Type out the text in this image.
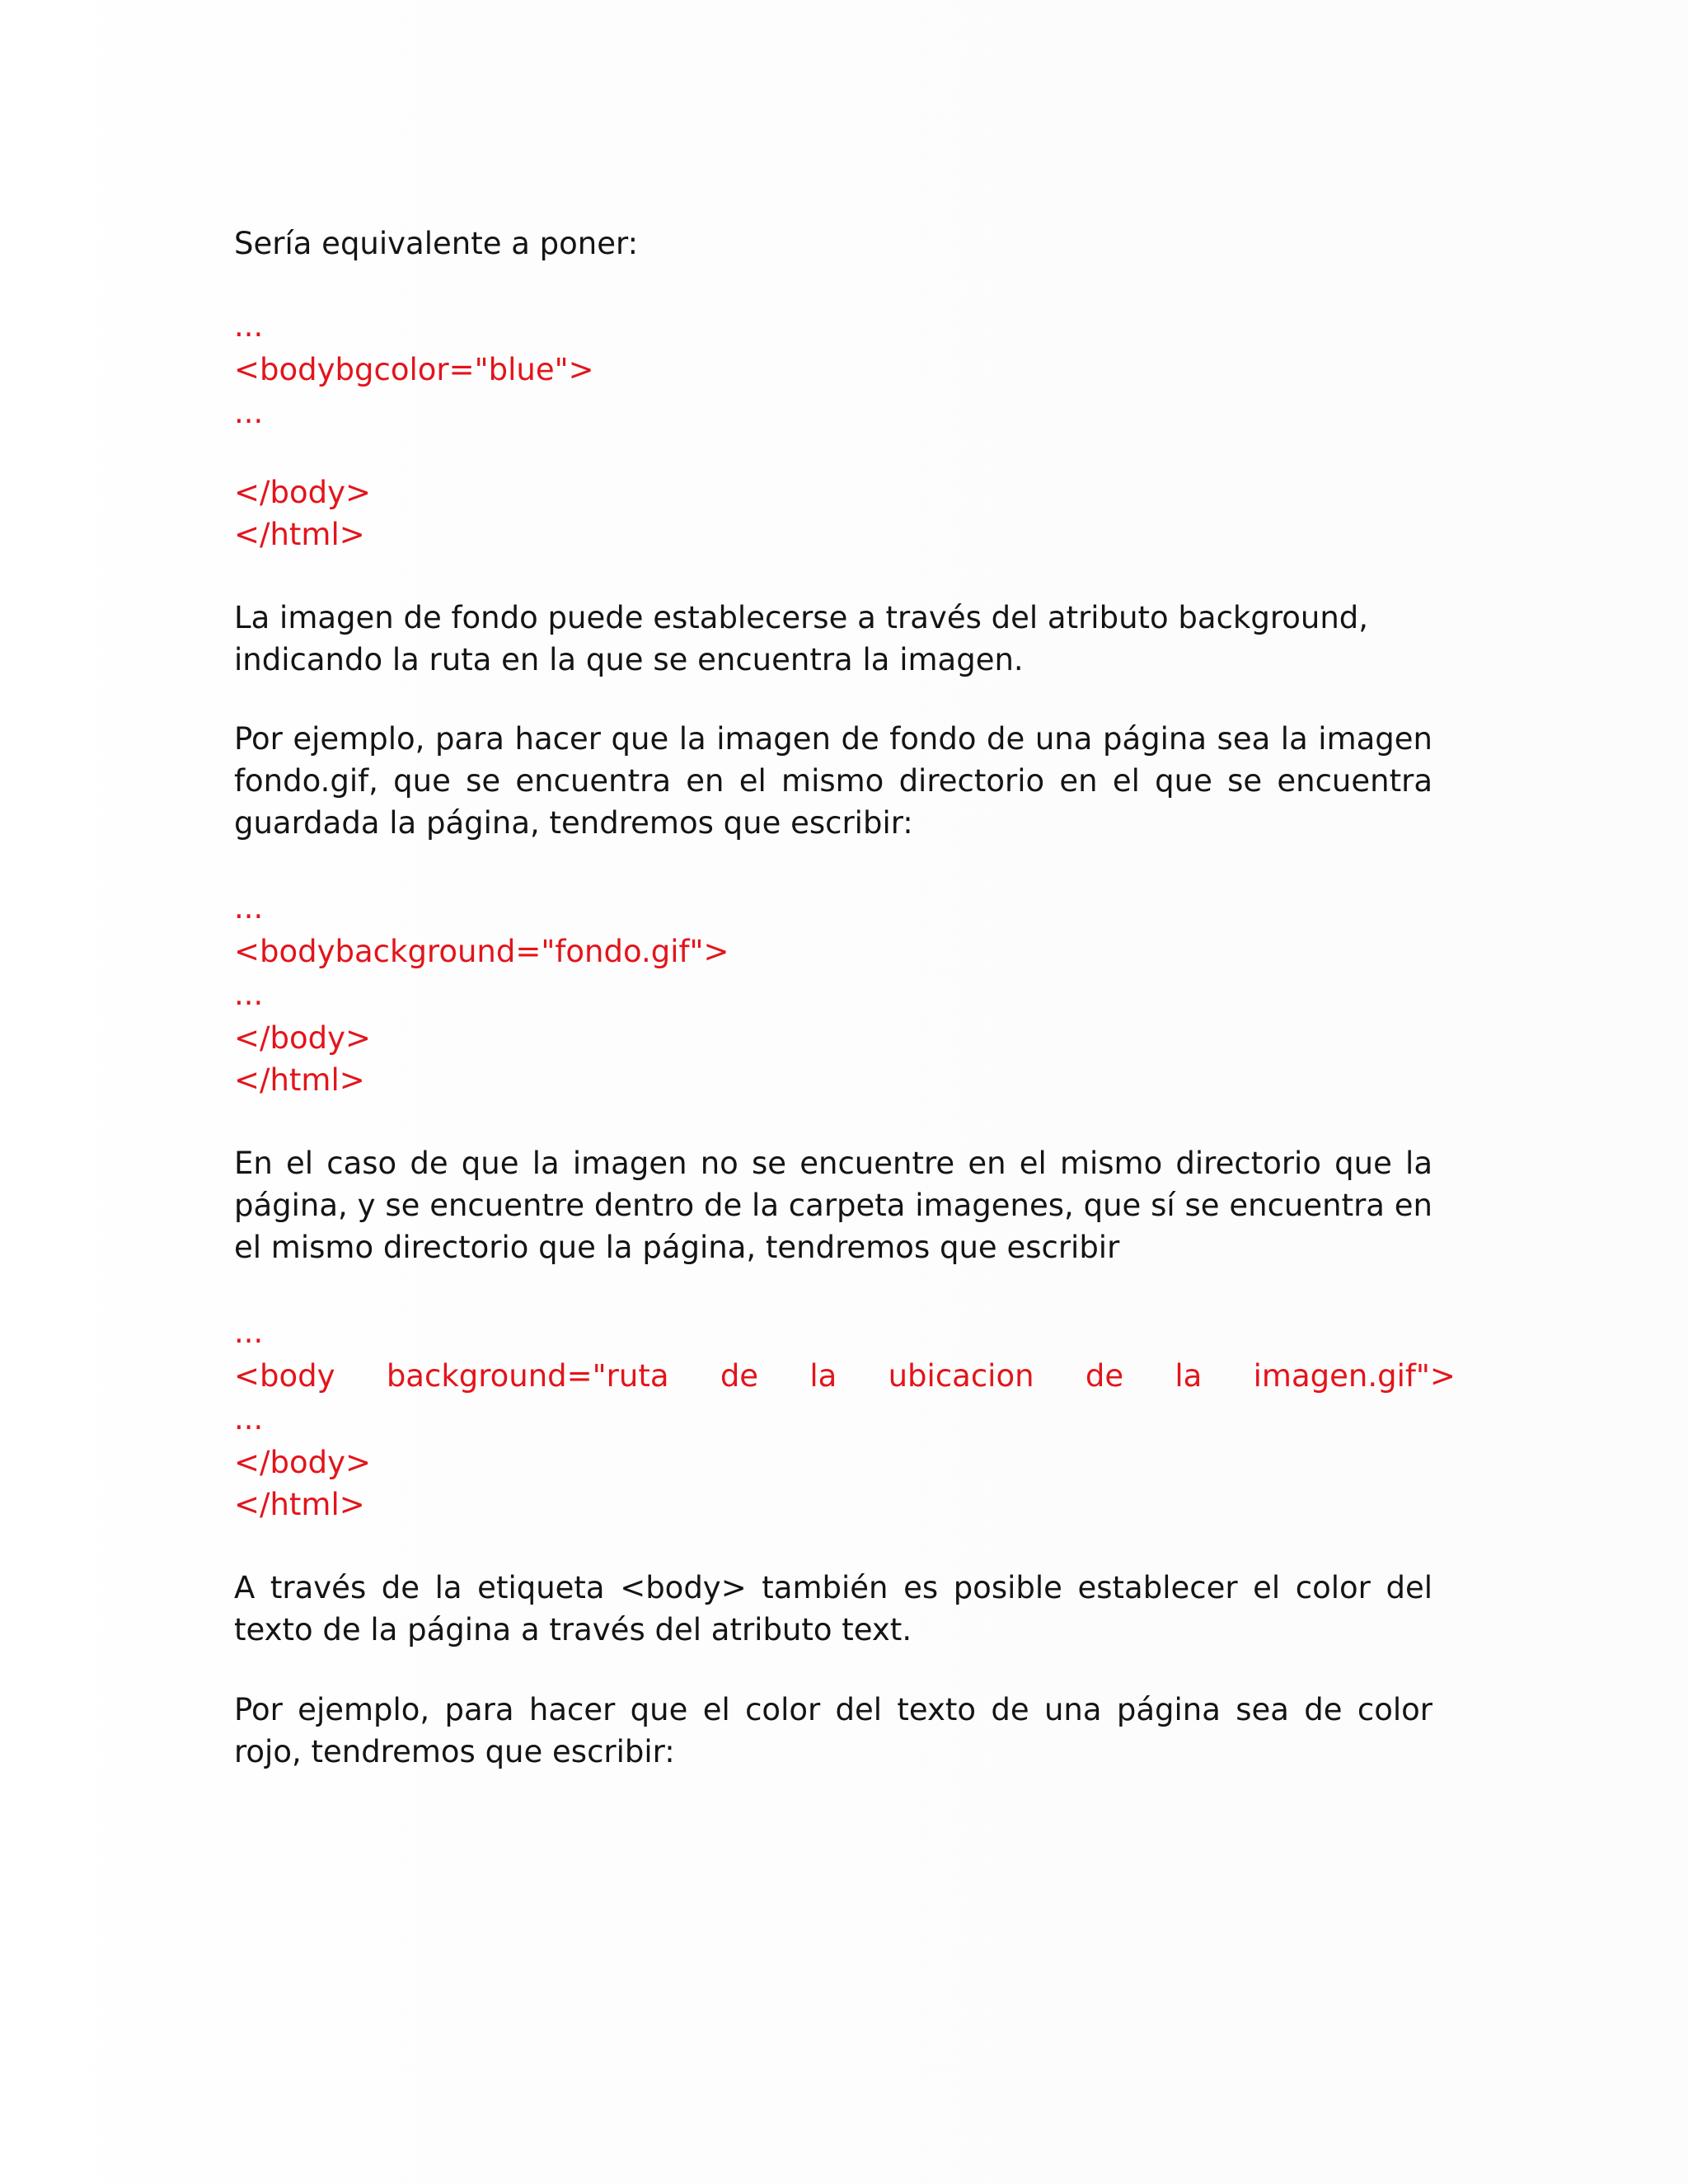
Sería equivalente a poner:
...
<bodybgcolor="blue">
...
</body>
</html>
La imagen de fondo puede establecerse a través del atributo background, indicando la ruta en la que se encuentra la imagen.
Por ejemplo, para hacer que la imagen de fondo de una página sea la imagen fondo.gif, que se encuentra en el mismo directorio en el que se encuentra guardada la página, tendremos que escribir:
...
<bodybackground="fondo.gif">
...
</body>
</html>
En el caso de que la imagen no se encuentre en el mismo directorio que la página, y se encuentre dentro de la carpeta imagenes, que sí se encuentra en el mismo directorio que la página, tendremos que escribir
...
<body background="ruta de la ubicacion de la imagen.gif">
...
</body>
</html>
A través de la etiqueta <body> también es posible establecer el color del texto de la página a través del atributo text.
Por ejemplo, para hacer que el color del texto de una página sea de color rojo, tendremos que escribir:
